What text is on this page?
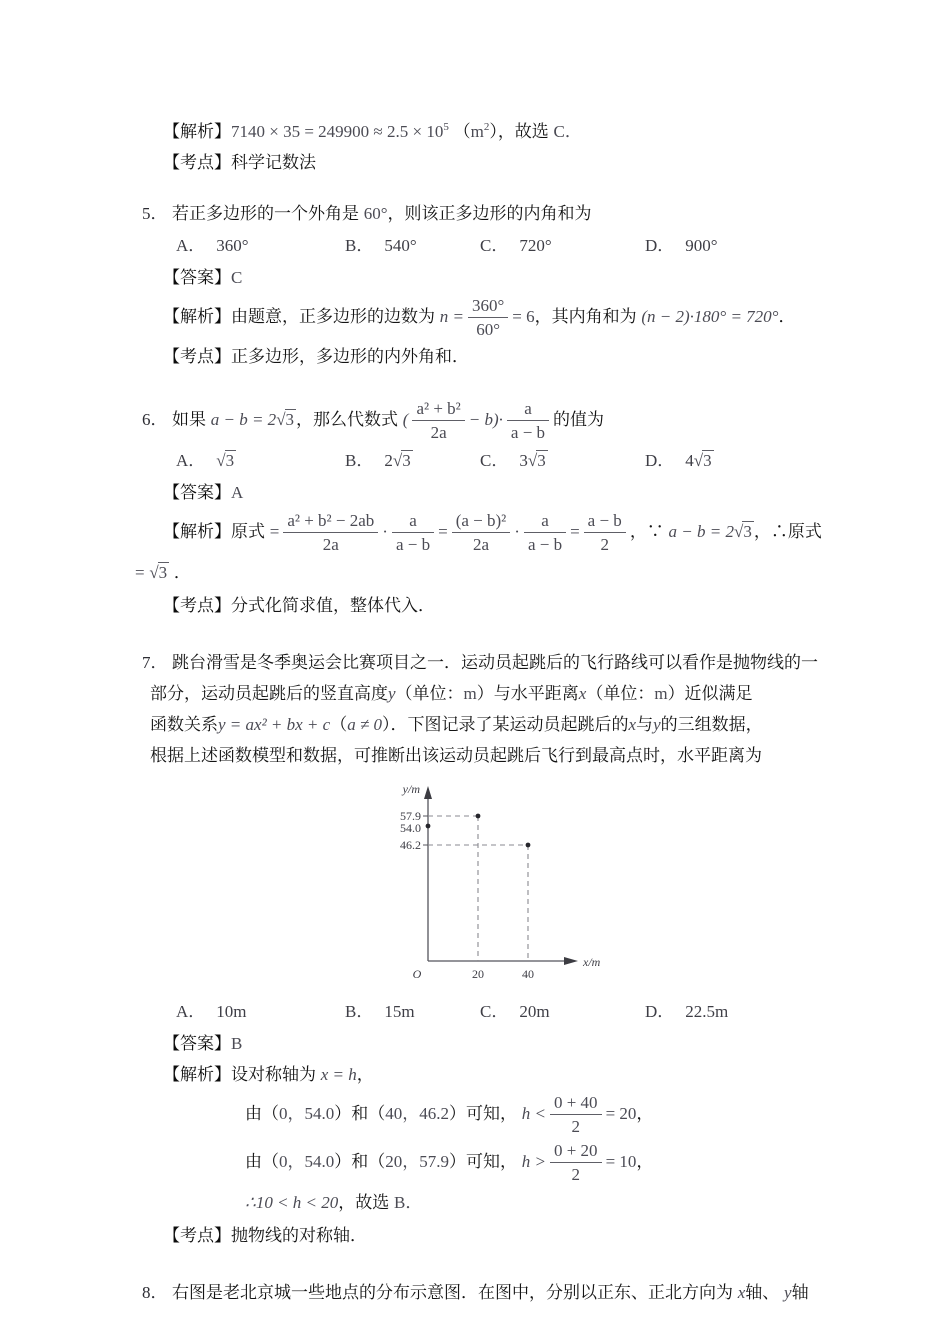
【解析】$7140 \times 35 = 249900 \approx 2.5 \times 10^5$ $(m^2)$，故选 C．
【考点】科学记数法
5． 若正多边形的一个外角是 60°，则该正多边形的内角和为
A． 360°	B． 540°	C． 720°	D． 900°
【答案】C
【解析】由题意，正多边形的边数为 $n = \frac{360^\circ}{60^\circ} = 6$，其内角和为 (n − 2)·180° = 720°．
【考点】正多边形，多边形的内外角和．
6． 如果 a − b = 2√3 ，那么代数式 ( $\frac{\text{a² + b²}}{2a} - b)\cdot \frac{a}{a - b}$ 的值为
A． √3	B． 2√3	C． 3√3	D． 4√3
【答案】A
【解析】原式 = $\frac{\text{a² + b² − 2ab}}{2a} \cdot \frac{a}{a - b} = \frac{\text{(a − b)²}}{2a} \cdot \frac{a}{a - b} = \frac{a - b}{2}$ ，∵ a − b = 2√3 ，∴原式
= √3 ．
【考点】分式化简求值，整体代入．
7． 跳台滑雪是冬季奥运会比赛项目之一．运动员起跳后的飞行路线可以看作是抛物线的一
部分，运动员起跳后的竖直高度y（单位：m）与水平距离x（单位：m）近似满足
函数关系y = ax² + bx + c（a ≠ 0）．下图记录了某运动员起跳后的x与y的三组数据，
根据上述函数模型和数据，可推断出该运动员起跳后飞行到最高点时，水平距离为
y/m
x/m
O	20	40
57.9
54.0
46.2
A． 10m	B． 15m	C． 20m	D． 22.5m
【答案】B
【解析】设对称轴为 x = h，
由（0，54.0）和（40，46.2）可知， $h < \frac{0 + 40}{2} = 20$，
由（0，54.0）和（20，57.9）可知， $h > \frac{0 + 20}{2} = 10$，
∴10 < h < 20，故选 B．
【考点】抛物线的对称轴．
8． 右图是老北京城一些地点的分布示意图．在图中，分别以正东、正北方向为 x轴、 y轴
